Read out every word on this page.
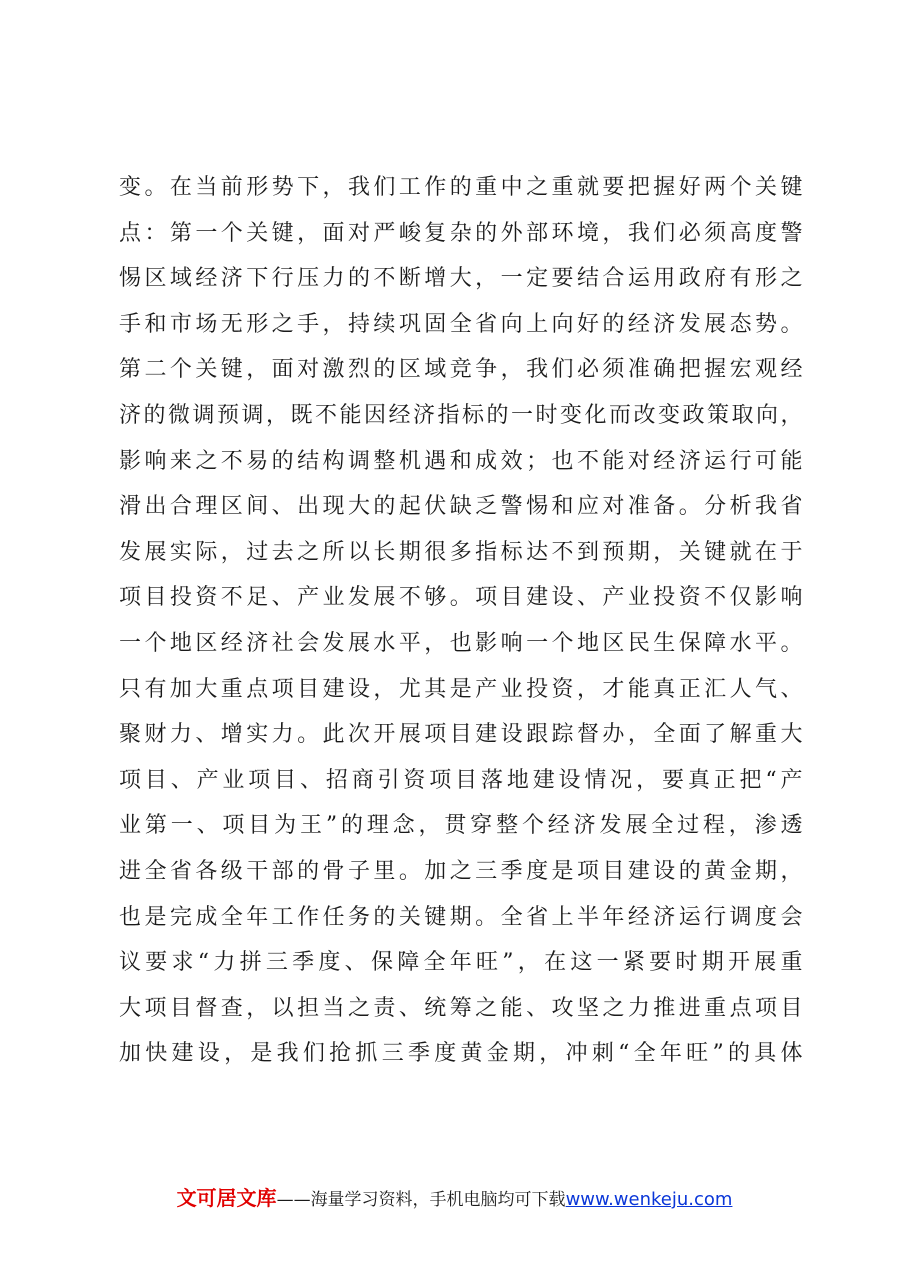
变。在当前形势下，我们工作的重中之重就要把握好两个关键
点：第一个关键，面对严峻复杂的外部环境，我们必须高度警
惕区域经济下行压力的不断增大，一定要结合运用政府有形之
手和市场无形之手，持续巩固全省向上向好的经济发展态势。
第二个关键，面对激烈的区域竞争，我们必须准确把握宏观经
济的微调预调，既不能因经济指标的一时变化而改变政策取向，
影响来之不易的结构调整机遇和成效；也不能对经济运行可能
滑出合理区间、出现大的起伏缺乏警惕和应对准备。分析我省
发展实际，过去之所以长期很多指标达不到预期，关键就在于
项目投资不足、产业发展不够。项目建设、产业投资不仅影响
一个地区经济社会发展水平，也影响一个地区民生保障水平。
只有加大重点项目建设，尤其是产业投资，才能真正汇人气、
聚财力、增实力。此次开展项目建设跟踪督办，全面了解重大
项目、产业项目、招商引资项目落地建设情况，要真正把“产
业第一、项目为王”的理念，贯穿整个经济发展全过程，渗透
进全省各级干部的骨子里。加之三季度是项目建设的黄金期，
也是完成全年工作任务的关键期。全省上半年经济运行调度会
议要求“力拼三季度、保障全年旺”，在这一紧要时期开展重
大项目督查，以担当之责、统筹之能、攻坚之力推进重点项目
加快建设，是我们抢抓三季度黄金期，冲刺“全年旺”的具体
文可居文库——海量学习资料，手机电脑均可下载www.wenkeju.com
